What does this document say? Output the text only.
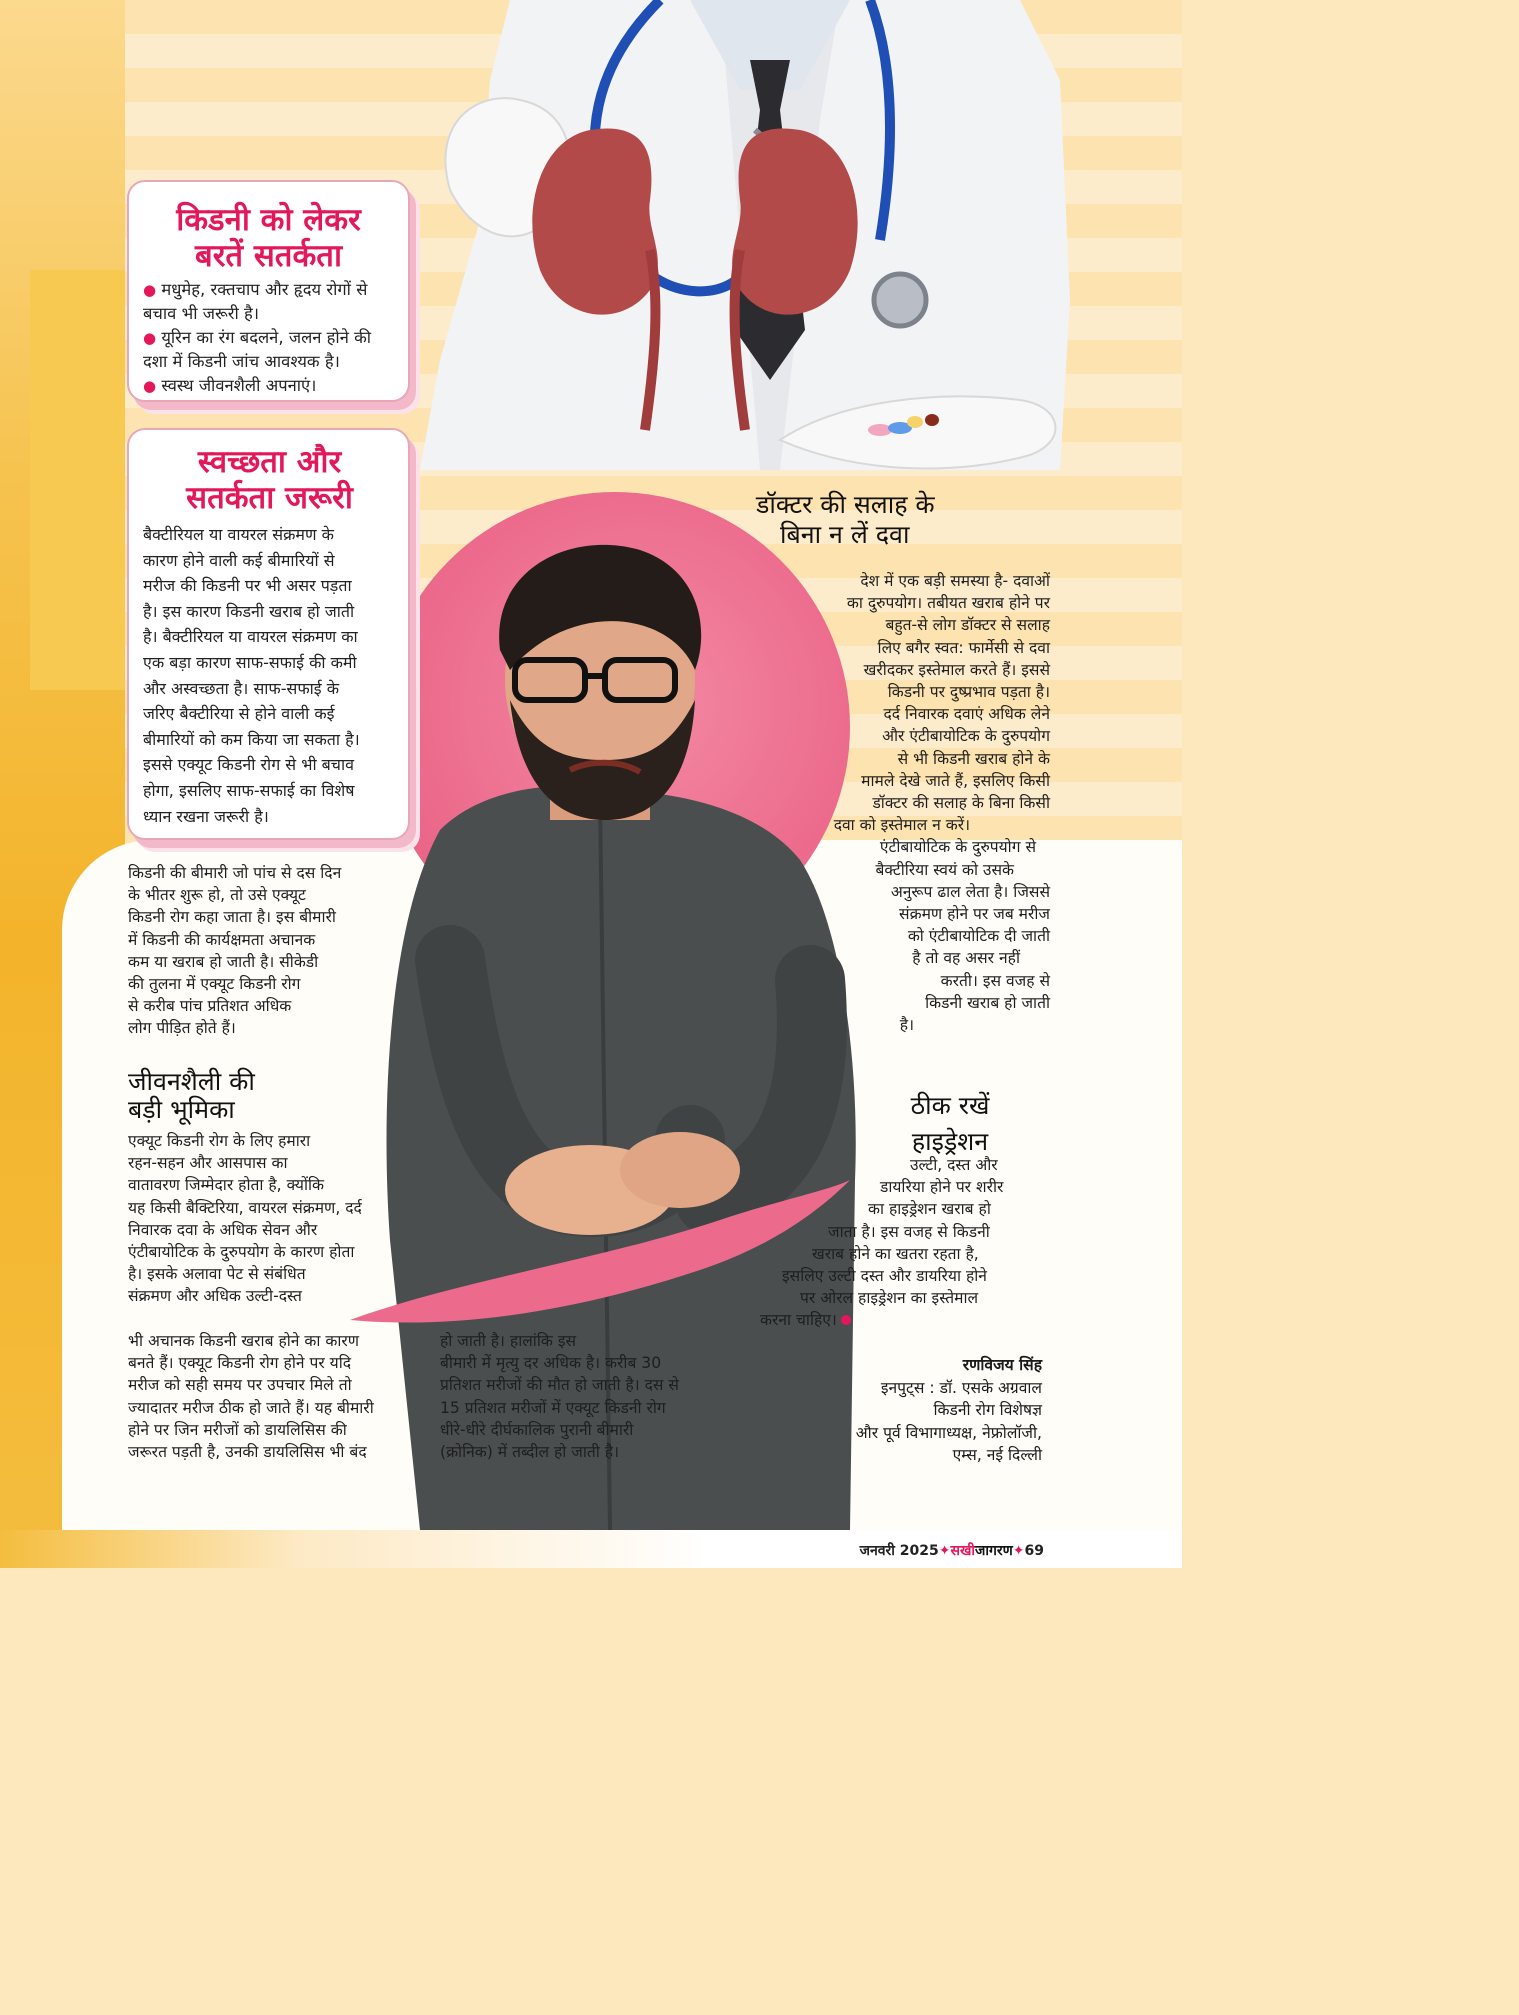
किडनी को लेकर
बरतें सतर्कता
● मधुमेह, रक्तचाप और हृदय रोगों से
बचाव भी जरूरी है।
● यूरिन का रंग बदलने, जलन होने की
दशा में किडनी जांच आवश्यक है।
● स्वस्थ जीवनशैली अपनाएं।
स्वच्छता और
सतर्कता जरूरी
बैक्टीरियल या वायरल संक्रमण के
कारण होने वाली कई बीमारियों से
मरीज की किडनी पर भी असर पड़ता
है। इस कारण किडनी खराब हो जाती
है। बैक्टीरियल या वायरल संक्रमण का
एक बड़ा कारण साफ-सफाई की कमी
और अस्वच्छता है। साफ-सफाई के
जरिए बैक्टीरिया से होने वाली कई
बीमारियों को कम किया जा सकता है।
इससे एक्यूट किडनी रोग से भी बचाव
होगा, इसलिए साफ-सफाई का विशेष
ध्यान रखना जरूरी है।
किडनी की बीमारी जो पांच से दस दिन
के भीतर शुरू हो, तो उसे एक्यूट
किडनी रोग कहा जाता है। इस बीमारी
में किडनी की कार्यक्षमता अचानक
कम या खराब हो जाती है। सीकेडी
की तुलना में एक्यूट किडनी रोग
से करीब पांच प्रतिशत अधिक
लोग पीड़ित होते हैं।
जीवनशैली की
बड़ी भूमिका
एक्यूट किडनी रोग के लिए हमारा
रहन-सहन और आसपास का
वातावरण जिम्मेदार होता है, क्योंकि
यह किसी बैक्टिरिया, वायरल संक्रमण, दर्द
निवारक दवा के अधिक सेवन और
एंटीबायोटिक के दुरुपयोग के कारण होता
है। इसके अलावा पेट से संबंधित
संक्रमण और अधिक उल्टी-दस्त
भी अचानक किडनी खराब होने का कारण
बनते हैं। एक्यूट किडनी रोग होने पर यदि
मरीज को सही समय पर उपचार मिले तो
ज्यादातर मरीज ठीक हो जाते हैं। यह बीमारी
होने पर जिन मरीजों को डायलिसिस की
जरूरत पड़ती है, उनकी डायलिसिस भी बंद
हो जाती है। हालांकि इस
बीमारी में मृत्यु दर अधिक है। करीब 30
प्रतिशत मरीजों की मौत हो जाती है। दस से
15 प्रतिशत मरीजों में एक्यूट किडनी रोग
धीरे-धीरे दीर्घकालिक पुरानी बीमारी
(क्रोनिक) में तब्दील हो जाती है।
डॉक्टर की सलाह के
बिना न लें दवा
देश में एक बड़ी समस्या है- दवाओं
का दुरुपयोग। तबीयत खराब होने पर
बहुत-से लोग डॉक्टर से सलाह
लिए बगैर स्वत: फार्मेसी से दवा
खरीदकर इस्तेमाल करते हैं। इससे
किडनी पर दुष्प्रभाव पड़ता है।
दर्द निवारक दवाएं अधिक लेने
और एंटीबायोटिक के दुरुपयोग
से भी किडनी खराब होने के
मामले देखे जाते हैं, इसलिए किसी
डॉक्टर की सलाह के बिना किसी
दवा को इस्तेमाल न करें।
एंटीबायोटिक के दुरुपयोग से
बैक्टीरिया स्वयं को उसके
अनुरूप ढाल लेता है। जिससे
संक्रमण होने पर जब मरीज
को एंटीबायोटिक दी जाती
है तो वह असर नहीं
करती। इस वजह से
किडनी खराब हो जाती
है।
ठीक रखें
हाइड्रेशन
उल्टी, दस्त और
डायरिया होने पर शरीर
का हाइड्रेशन खराब हो
जाता है। इस वजह से किडनी
खराब होने का खतरा रहता है,
इसलिए उल्टी दस्त और डायरिया होने
पर ओरल हाइड्रेशन का इस्तेमाल
करना चाहिए।
रणविजय सिंह
इनपुट्स : डॉ. एसके अग्रवाल
किडनी रोग विशेषज्ञ
और पूर्व विभागाध्यक्ष, नेफ्रोलॉजी,
एम्स, नई दिल्ली
जनवरी 2025✦सखीजागरण✦69
